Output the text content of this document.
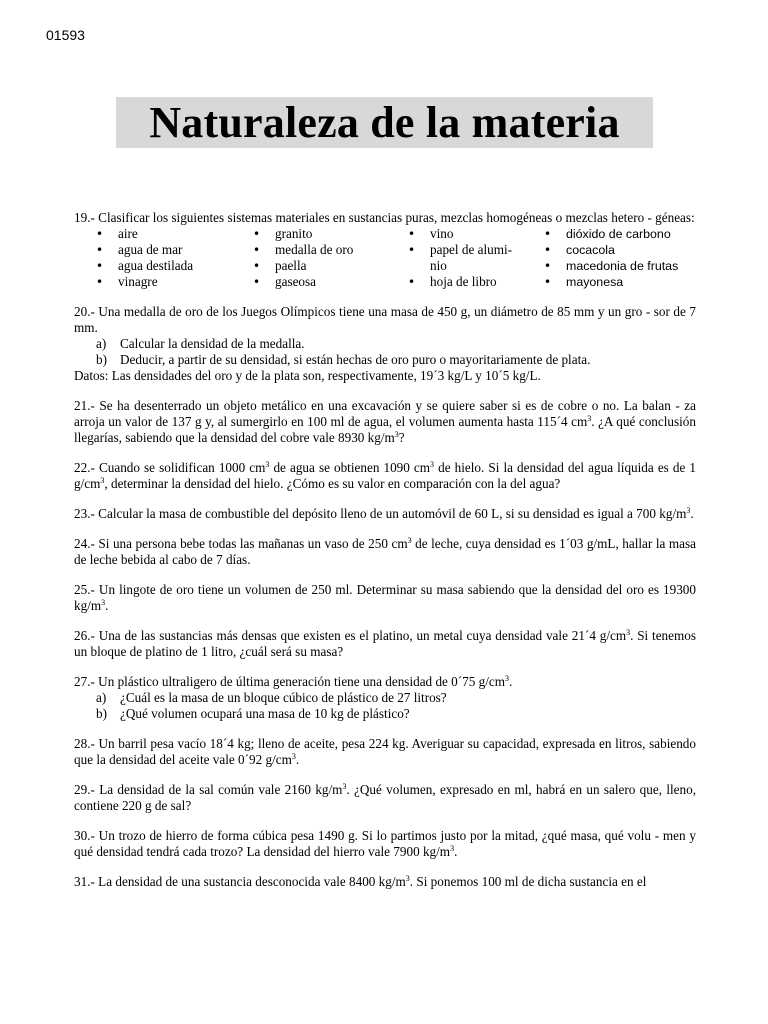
01593
Naturaleza de la materia

19.- Clasificar los siguientes sistemas materiales en sustancias puras, mezclas homogéneas o mezclas hetero - géneas:

• aire
• agua de mar
• agua destilada
• vinagre
• granito
• medalla de oro
• paella
• gaseosa
• vino
• papel de alumi-nio
• hoja de libro
• dióxido de carbono
• cocacola
• macedonia de frutas
• mayonesa

20.- Una medalla de oro de los Juegos Olímpicos tiene una masa de 450 g, un diámetro de 85 mm y un gro - sor de 7 mm.

a)	Calcular la densidad de la medalla.
b) Deducir, a partir de su densidad, si están hechas de oro puro o mayoritariamente de plata.

Datos: Las densidades del oro y de la plata son, respectivamente, 19´3 kg/L y 10´5 kg/L.

21.- Se ha desenterrado un objeto metálico en una excavación y se quiere saber si es de cobre o no. La balan - za arroja un valor de 137 g y, al sumergirlo en 100 ml de agua, el volumen aumenta hasta 115´4 $cm^3$. ¿A qué conclusión llegarías, sabiendo que la densidad del cobre vale 8930 $kg/m^3$?

22.- Cuando se solidifican 1000 $cm^3$ de agua se obtienen 1090 $cm^3$ de hielo. Si la densidad del agua líquida es de 1 $g/cm^3$, determinar la densidad del hielo. ¿Cómo es su valor en comparación con la del agua?

23.- Calcular la masa de combustible del depósito lleno de un automóvil de 60 L, si su densidad es igual a 700 $kg/m^3$.

24.- Si una persona bebe todas las mañanas un vaso de 250 $cm^3$ de leche, cuya densidad es 1´03 g/mL, hallar la masa de leche bebida al cabo de 7 días.

25.- Un lingote de oro tiene un volumen de 250 ml. Determinar su masa sabiendo que la densidad del oro es 19300 $kg/m^3$.

26.- Una de las sustancias más densas que existen es el platino, un metal cuya densidad vale 21´4 $g/cm^3$. Si tenemos un bloque de platino de 1 litro, ¿cuál será su masa?

27.- Un plástico ultraligero de última generación tiene una densidad de 0´75 $g/cm^3$.

a)	¿Cuál es la masa de un bloque cúbico de plástico de 27 litros?
b) ¿Qué volumen ocupará una masa de 10 kg de plástico?

28.- Un barril pesa vacío 18´4 kg; lleno de aceite, pesa 224 kg. Averiguar su capacidad, expresada en litros, sabiendo que la densidad del aceite vale 0´92 $g/cm^3$.

29.- La densidad de la sal común vale 2160 $kg/m^3$. ¿Qué volumen, expresado en ml, habrá en un salero que, lleno, contiene 220 g de sal?

30.- Un trozo de hierro de forma cúbica pesa 1490 g. Si lo partimos justo por la mitad, ¿qué masa, qué volu - men y qué densidad tendrá cada trozo? La densidad del hierro vale 7900 $kg/m^3$.

31.- La densidad de una sustancia desconocida vale 8400 $kg/m^3$. Si ponemos 100 ml de dicha sustancia en el
